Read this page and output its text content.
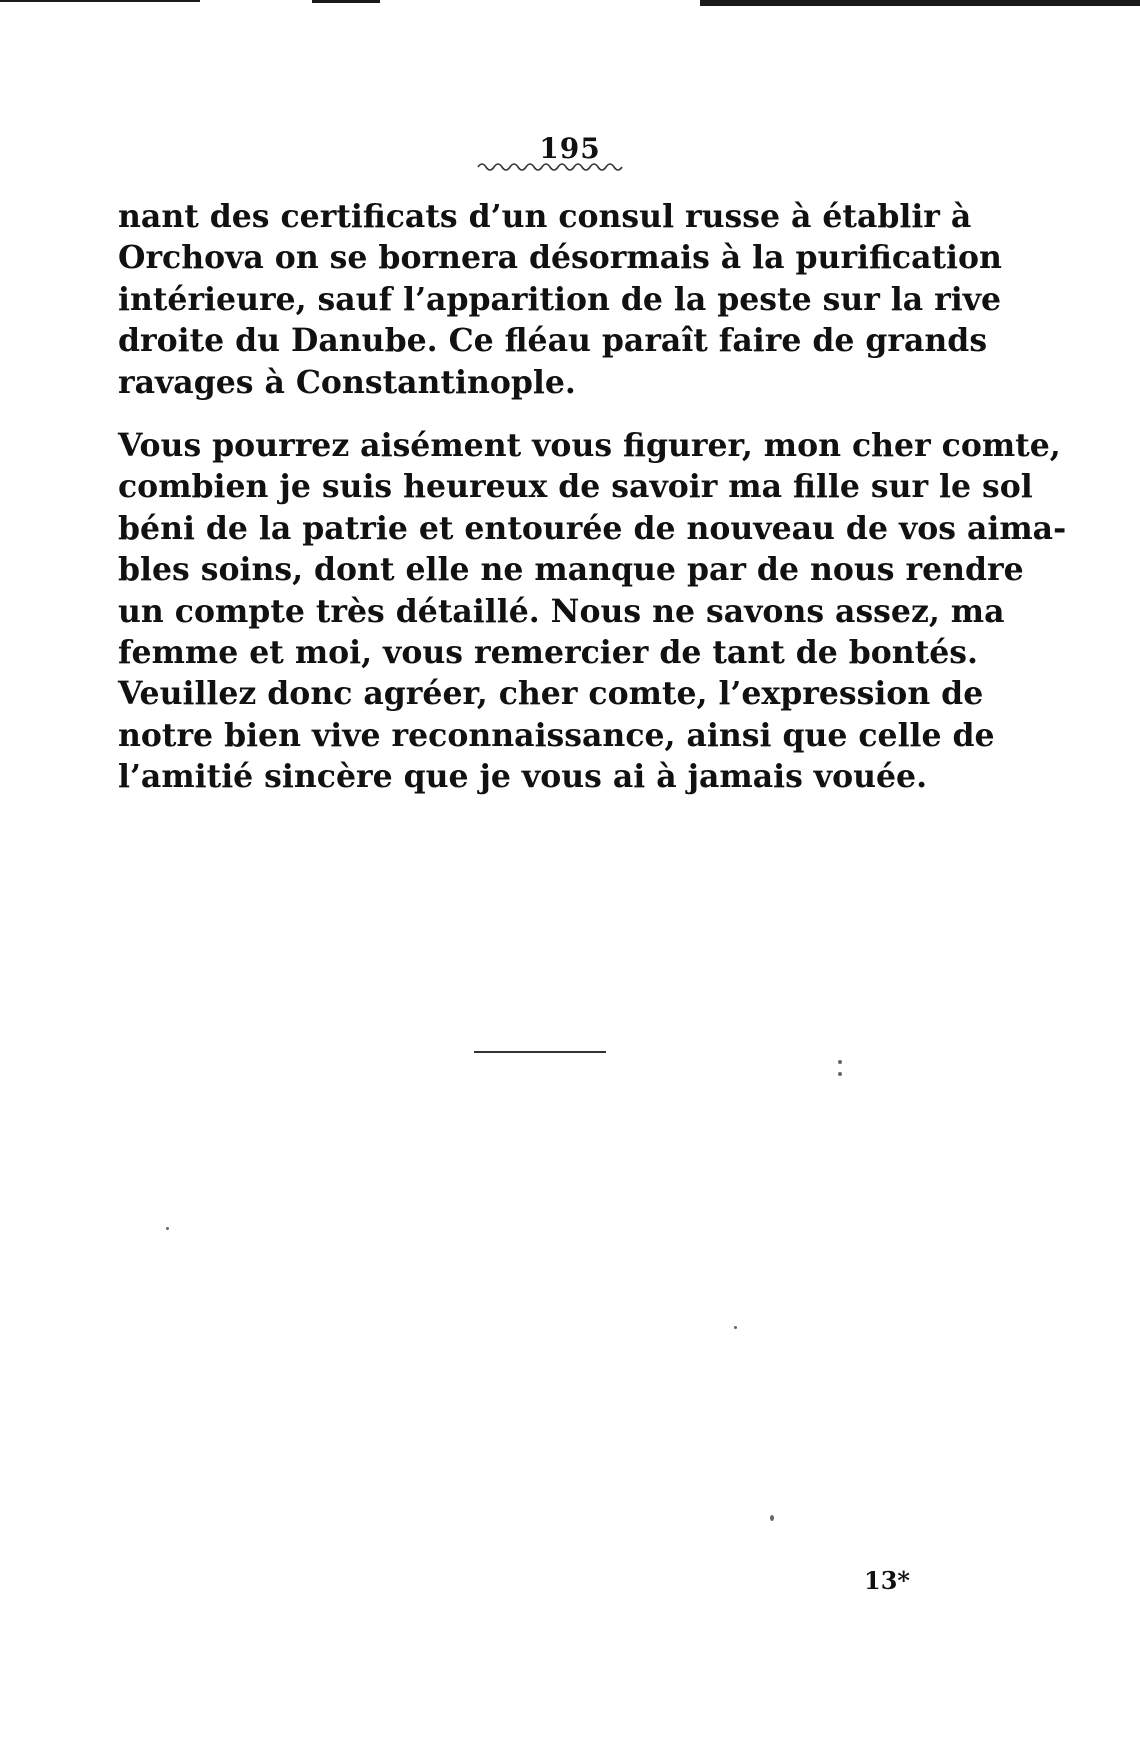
195
nant des certificats d’un consul russe à établir à
Orchova on se bornera désormais à la purification
intérieure, sauf l’apparition de la peste sur la rive
droite du Danube. Ce fléau paraît faire de grands
ravages à Constantinople.
Vous pourrez aisément vous figurer, mon cher comte,
combien je suis heureux de savoir ma fille sur le sol
béni de la patrie et entourée de nouveau de vos aima-
bles soins, dont elle ne manque par de nous rendre
un compte très détaillé. Nous ne savons assez, ma
femme et moi, vous remercier de tant de bontés.
Veuillez donc agréer, cher comte, l’expression de
notre bien vive reconnaissance, ainsi que celle de
l’amitié sincère que je vous ai à jamais vouée.
13*
